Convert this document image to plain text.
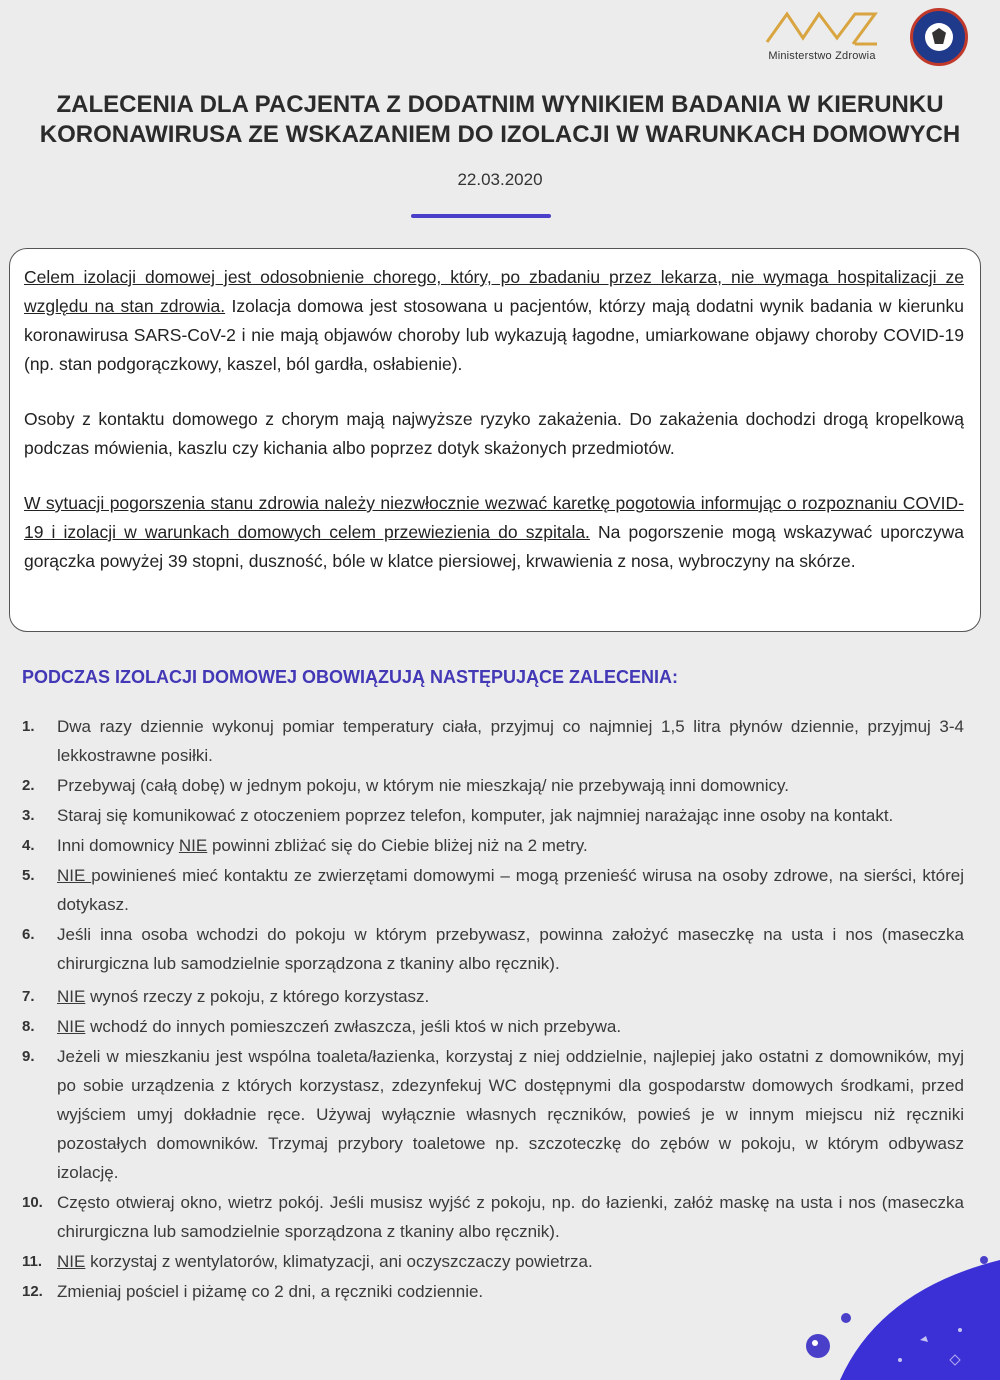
Ministerstwo Zdrowia
ZALECENIA DLA PACJENTA Z DODATNIM WYNIKIEM BADANIA W KIERUNKU KORONAWIRUSA ZE WSKAZANIEM DO IZOLACJI W WARUNKACH DOMOWYCH
22.03.2020

Celem izolacji domowej jest odosobnienie chorego, który, po zbadaniu przez lekarza, nie wymaga hospitalizacji ze względu na stan zdrowia. Izolacja domowa jest stosowana u pacjentów, którzy mają dodatni wynik badania w kierunku koronawirusa SARS-CoV-2 i nie mają objawów choroby lub wykazują łagodne, umiarkowane objawy choroby COVID-19 (np. stan podgorączkowy, kaszel, ból gardła, osłabienie).

Osoby z kontaktu domowego z chorym mają najwyższe ryzyko zakażenia. Do zakażenia dochodzi drogą kropelkową podczas mówienia, kaszlu czy kichania albo poprzez dotyk skażonych przedmiotów.

W sytuacji pogorszenia stanu zdrowia należy niezwłocznie wezwać karetkę pogotowia informując o rozpoznaniu COVID-19 i izolacji w warunkach domowych celem przewiezienia do szpitala. Na pogorszenie mogą wskazywać uporczywa gorączka powyżej 39 stopni, duszność, bóle w klatce piersiowej, krwawienia z nosa, wybroczyny na skórze.

PODCZAS IZOLACJI DOMOWEJ OBOWIĄZUJĄ NASTĘPUJĄCE ZALECENIA:
1.	Dwa razy dziennie wykonuj pomiar temperatury ciała, przyjmuj co najmniej 1,5 litra płynów dziennie, przyjmuj 3-4 lekkostrawne posiłki.
2.	Przebywaj (całą dobę) w jednym pokoju, w którym nie mieszkają/ nie przebywają inni domownicy.
3.	Staraj się komunikować z otoczeniem poprzez telefon, komputer, jak najmniej narażając inne osoby na kontakt.
4.	Inni domownicy NIE powinni zbliżać się do Ciebie bliżej niż na 2 metry.
5.	NIE powinieneś mieć kontaktu ze zwierzętami domowymi – mogą przenieść wirusa na osoby zdrowe, na sierści, której dotykasz.
6.	Jeśli inna osoba wchodzi do pokoju w którym przebywasz, powinna założyć maseczkę na usta i nos (maseczka chirurgiczna lub samodzielnie sporządzona z tkaniny albo ręcznik).
7.	NIE wynoś rzeczy z pokoju, z którego korzystasz.
8.	NIE wchodź do innych pomieszczeń zwłaszcza, jeśli ktoś w nich przebywa.
9.	Jeżeli w mieszkaniu jest wspólna toaleta/łazienka, korzystaj z niej oddzielnie, najlepiej jako ostatni z domowników, myj po sobie urządzenia z których korzystasz, zdezynfekuj WC dostępnymi dla gospodarstw domowych środkami, przed wyjściem umyj dokładnie ręce. Używaj wyłącznie własnych ręczników, powieś je w innym miejscu niż ręczniki pozostałych domowników. Trzymaj przybory toaletowe np. szczoteczkę do zębów w pokoju, w którym odbywasz izolację.
10. Często otwieraj okno, wietrz pokój. Jeśli musisz wyjść z pokoju, np. do łazienki, załóż maskę na usta i nos (maseczka chirurgiczna lub samodzielnie sporządzona z tkaniny albo ręcznik).
11. NIE korzystaj z wentylatorów, klimatyzacji, ani oczyszczaczy powietrza.
12. Zmieniaj pościel i piżamę co 2 dni, a ręczniki codziennie.
